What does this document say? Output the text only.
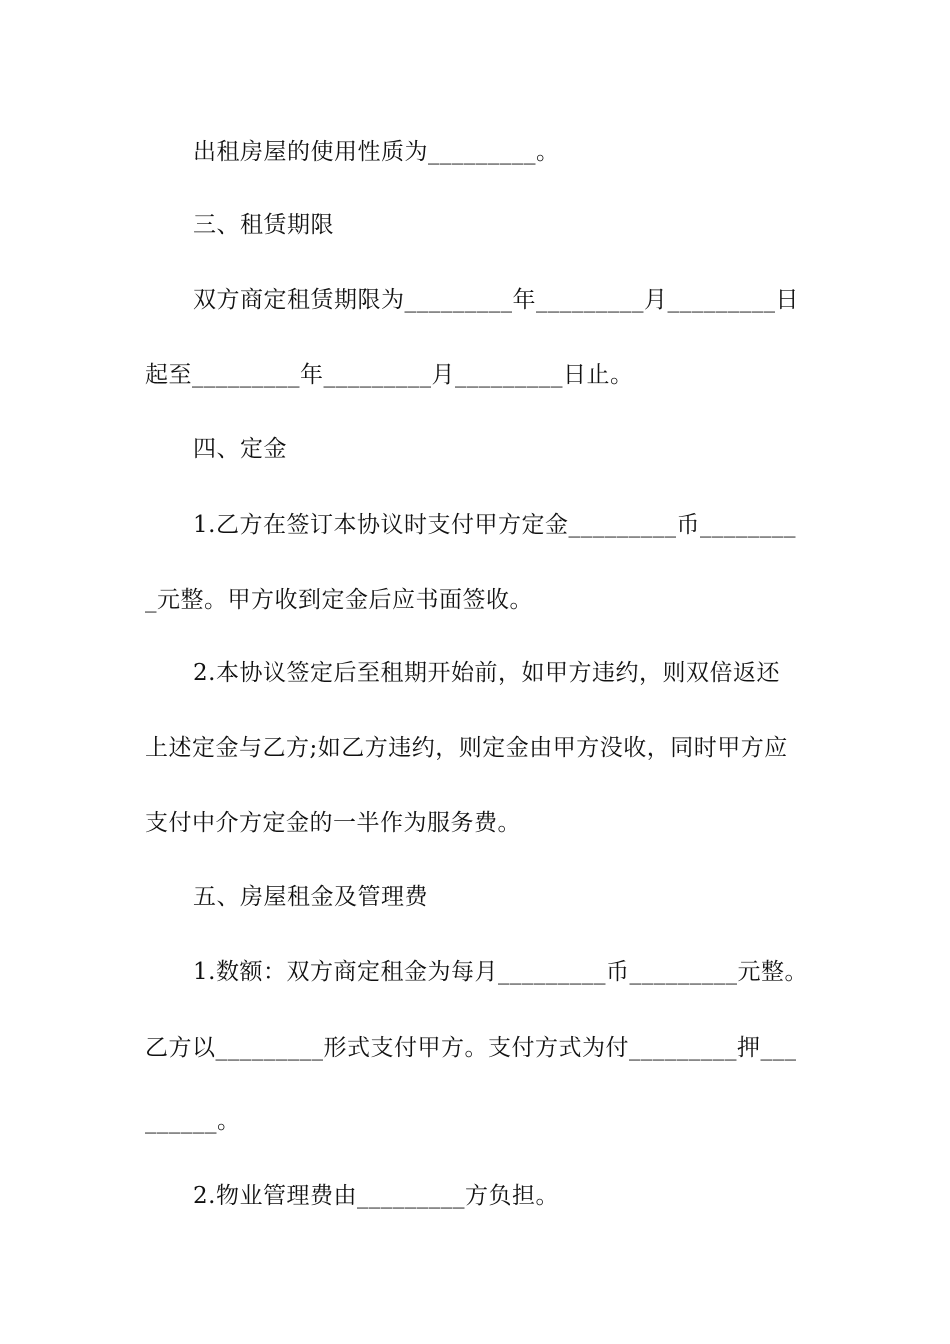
出租房屋的使用性质为_________。
三、租赁期限
双方商定租赁期限为_________年_________月_________日
起至_________年_________月_________日止。
四、定金
1.乙方在签订本协议时支付甲方定金_________币________
_元整。甲方收到定金后应书面签收。
2.本协议签定后至租期开始前，如甲方违约，则双倍返还
上述定金与乙方;如乙方违约，则定金由甲方没收，同时甲方应
支付中介方定金的一半作为服务费。
五、房屋租金及管理费
1.数额：双方商定租金为每月_________币_________元整。
乙方以_________形式支付甲方。支付方式为付_________押___
______。
2.物业管理费由_________方负担。
